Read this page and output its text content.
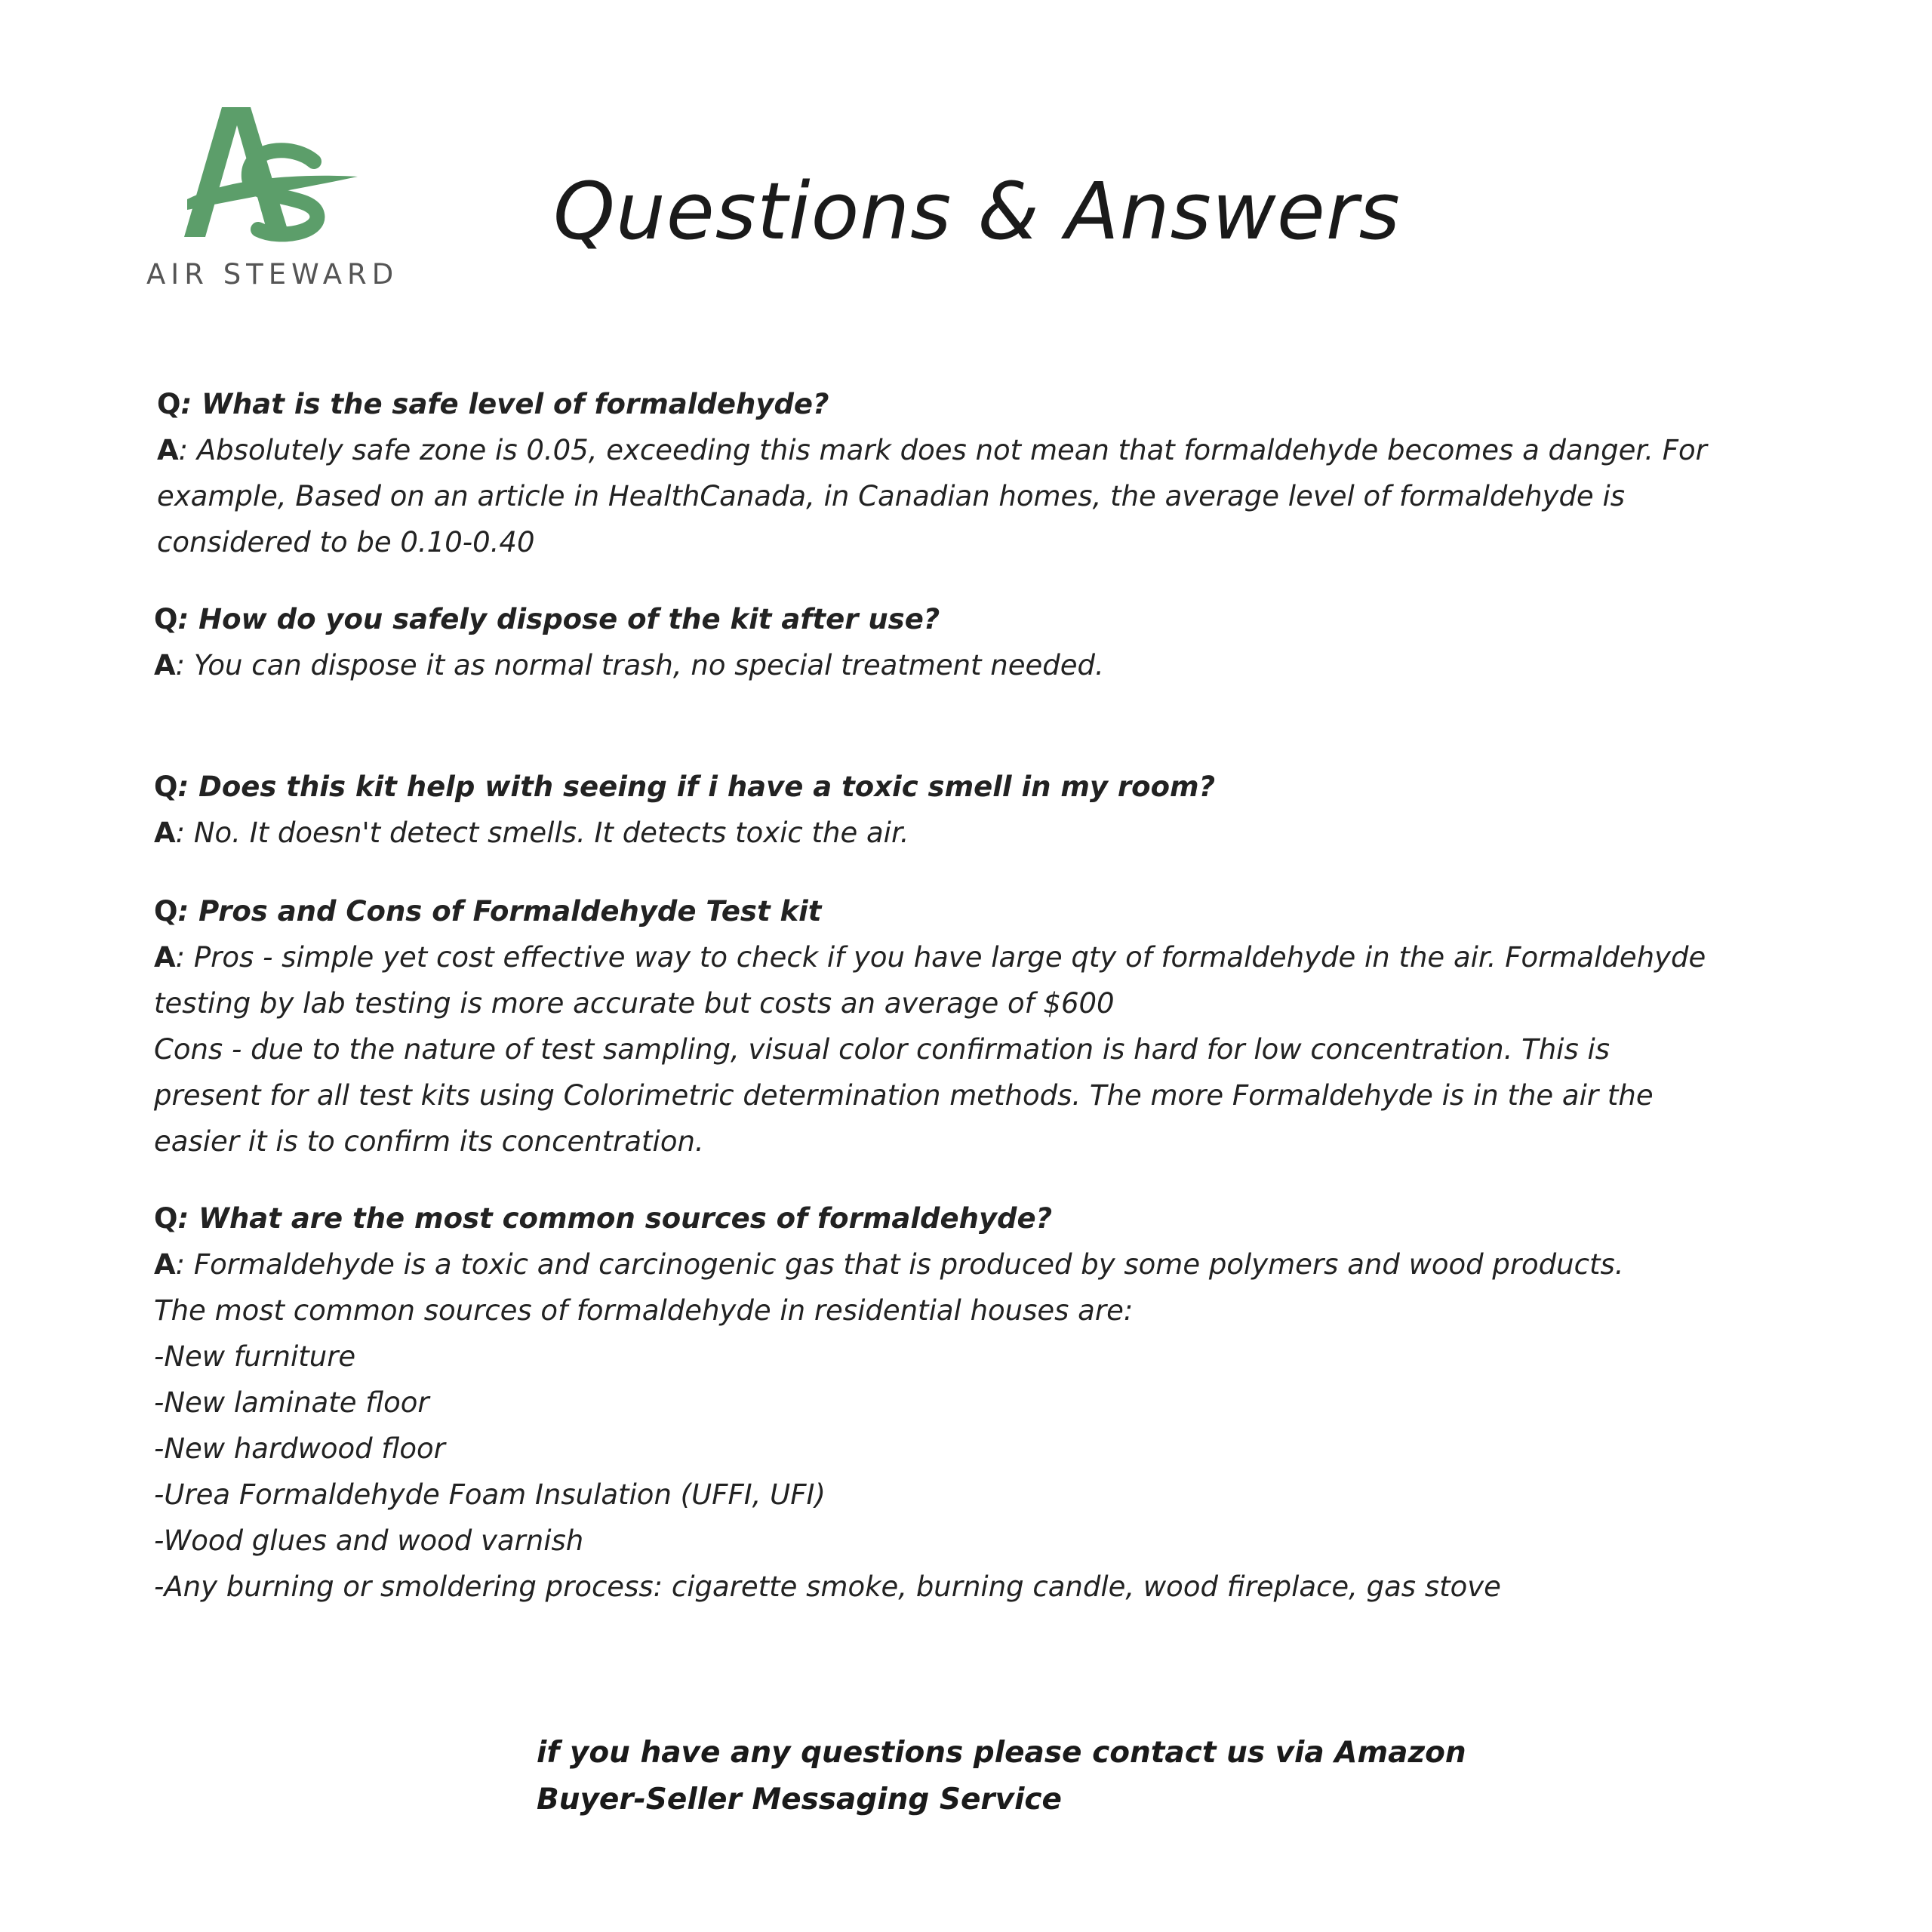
AIR STEWARD
Questions & Answers
Q: What is the safe level of formaldehyde?
A: Absolutely safe zone is 0.05, exceeding this mark does not mean that formaldehyde becomes a danger. For
example, Based on an article in HealthCanada, in Canadian homes, the average level of formaldehyde is
considered to be 0.10-0.40
Q: How do you safely dispose of the kit after use?
A: You can dispose it as normal trash, no special treatment needed.
Q: Does this kit help with seeing if i have a toxic smell in my room?
A: No. It doesn't detect smells. It detects toxic the air.
Q: Pros and Cons of Formaldehyde Test kit
A: Pros - simple yet cost effective way to check if you have large qty of formaldehyde in the air. Formaldehyde
testing by lab testing is more accurate but costs an average of $600
Cons - due to the nature of test sampling, visual color confirmation is hard for low concentration. This is
present for all test kits using Colorimetric determination methods. The more Formaldehyde is in the air the
easier it is to confirm its concentration.
Q: What are the most common sources of formaldehyde?
A: Formaldehyde is a toxic and carcinogenic gas that is produced by some polymers and wood products.
The most common sources of formaldehyde in residential houses are:
-New furniture
-New laminate floor
-New hardwood floor
-Urea Formaldehyde Foam Insulation (UFFI, UFI)
-Wood glues and wood varnish
-Any burning or smoldering process: cigarette smoke, burning candle, wood fireplace, gas stove
if you have any questions please contact us via Amazon
Buyer-Seller Messaging Service
